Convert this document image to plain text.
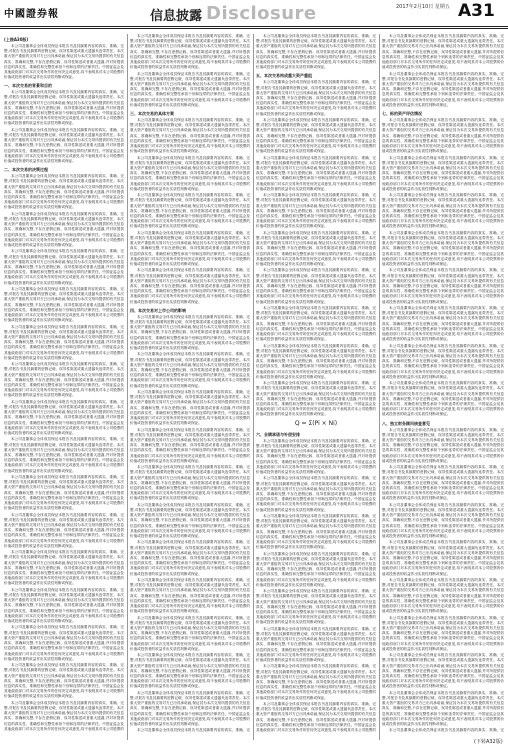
中國證券報	信息披露 Disclosure	2017年2月10日 星期五 A31
(上接A30版)

本公司及董事会全体成员保证本报告书及其摘要内容的真实、准确、完整,对报告书及其摘要的虚假记载、误导性陈述或重大遗漏负连带责任。本次重大资产重组的交易对方已出具承诺函,保证其为本次交易所提供的有关信息真实、准确和完整,不存在虚假记载、误导性陈述或者重大遗漏,并对所提供信息的真实性、准确性和完整性承担个别和连带的法律责任。中国证监会及其他政府部门对本次交易所作的任何决定或意见,均不表明其对本公司股票的价值或投资者的收益作出实质性判断或保证。

一、本次交易的背景和目的

本公司及董事会全体成员保证本报告书及其摘要内容的真实、准确、完整,对报告书及其摘要的虚假记载、误导性陈述或重大遗漏负连带责任。本次重大资产重组的交易对方已出具承诺函,保证其为本次交易所提供的有关信息真实、准确和完整,不存在虚假记载、误导性陈述或者重大遗漏,并对所提供信息的真实性、准确性和完整性承担个别和连带的法律责任。中国证监会及其他政府部门对本次交易所作的任何决定或意见,均不表明其对本公司股票的价值或投资者的收益作出实质性判断或保证。

本公司及董事会全体成员保证本报告书及其摘要内容的真实、准确、完整,对报告书及其摘要的虚假记载、误导性陈述或重大遗漏负连带责任。本次重大资产重组的交易对方已出具承诺函,保证其为本次交易所提供的有关信息真实、准确和完整,不存在虚假记载、误导性陈述或者重大遗漏,并对所提供信息的真实性、准确性和完整性承担个别和连带的法律责任。中国证监会及其他政府部门对本次交易所作的任何决定或意见,均不表明其对本公司股票的价值或投资者的收益作出实质性判断或保证。

二、本次交易的决策过程

本公司及董事会全体成员保证本报告书及其摘要内容的真实、准确、完整,对报告书及其摘要的虚假记载、误导性陈述或重大遗漏负连带责任。本次重大资产重组的交易对方已出具承诺函,保证其为本次交易所提供的有关信息真实、准确和完整,不存在虚假记载、误导性陈述或者重大遗漏,并对所提供信息的真实性、准确性和完整性承担个别和连带的法律责任。中国证监会及其他政府部门对本次交易所作的任何决定或意见,均不表明其对本公司股票的价值或投资者的收益作出实质性判断或保证。

本公司及董事会全体成员保证本报告书及其摘要内容的真实、准确、完整,对报告书及其摘要的虚假记载、误导性陈述或重大遗漏负连带责任。本次重大资产重组的交易对方已出具承诺函,保证其为本次交易所提供的有关信息真实、准确和完整,不存在虚假记载、误导性陈述或者重大遗漏,并对所提供信息的真实性、准确性和完整性承担个别和连带的法律责任。中国证监会及其他政府部门对本次交易所作的任何决定或意见,均不表明其对本公司股票的价值或投资者的收益作出实质性判断或保证。

本公司及董事会全体成员保证本报告书及其摘要内容的真实、准确、完整,对报告书及其摘要的虚假记载、误导性陈述或重大遗漏负连带责任。本次重大资产重组的交易对方已出具承诺函,保证其为本次交易所提供的有关信息真实、准确和完整,不存在虚假记载、误导性陈述或者重大遗漏,并对所提供信息的真实性、准确性和完整性承担个别和连带的法律责任。中国证监会及其他政府部门对本次交易所作的任何决定或意见,均不表明其对本公司股票的价值或投资者的收益作出实质性判断或保证。

本公司及董事会全体成员保证本报告书及其摘要内容的真实、准确、完整,对报告书及其摘要的虚假记载、误导性陈述或重大遗漏负连带责任。本次重大资产重组的交易对方已出具承诺函,保证其为本次交易所提供的有关信息真实、准确和完整,不存在虚假记载、误导性陈述或者重大遗漏,并对所提供信息的真实性、准确性和完整性承担个别和连带的法律责任。中国证监会及其他政府部门对本次交易所作的任何决定或意见,均不表明其对本公司股票的价值或投资者的收益作出实质性判断或保证。

本公司及董事会全体成员保证本报告书及其摘要内容的真实、准确、完整,对报告书及其摘要的虚假记载、误导性陈述或重大遗漏负连带责任。本次重大资产重组的交易对方已出具承诺函,保证其为本次交易所提供的有关信息真实、准确和完整,不存在虚假记载、误导性陈述或者重大遗漏,并对所提供信息的真实性、准确性和完整性承担个别和连带的法律责任。中国证监会及其他政府部门对本次交易所作的任何决定或意见,均不表明其对本公司股票的价值或投资者的收益作出实质性判断或保证。

本公司及董事会全体成员保证本报告书及其摘要内容的真实、准确、完整,对报告书及其摘要的虚假记载、误导性陈述或重大遗漏负连带责任。本次重大资产重组的交易对方已出具承诺函,保证其为本次交易所提供的有关信息真实、准确和完整,不存在虚假记载、误导性陈述或者重大遗漏,并对所提供信息的真实性、准确性和完整性承担个别和连带的法律责任。中国证监会及其他政府部门对本次交易所作的任何决定或意见,均不表明其对本公司股票的价值或投资者的收益作出实质性判断或保证。

本公司及董事会全体成员保证本报告书及其摘要内容的真实、准确、完整,对报告书及其摘要的虚假记载、误导性陈述或重大遗漏负连带责任。本次重大资产重组的交易对方已出具承诺函,保证其为本次交易所提供的有关信息真实、准确和完整,不存在虚假记载、误导性陈述或者重大遗漏,并对所提供信息的真实性、准确性和完整性承担个别和连带的法律责任。中国证监会及其他政府部门对本次交易所作的任何决定或意见,均不表明其对本公司股票的价值或投资者的收益作出实质性判断或保证。

本公司及董事会全体成员保证本报告书及其摘要内容的真实、准确、完整,对报告书及其摘要的虚假记载、误导性陈述或重大遗漏负连带责任。本次重大资产重组的交易对方已出具承诺函,保证其为本次交易所提供的有关信息真实、准确和完整,不存在虚假记载、误导性陈述或者重大遗漏,并对所提供信息的真实性、准确性和完整性承担个别和连带的法律责任。中国证监会及其他政府部门对本次交易所作的任何决定或意见,均不表明其对本公司股票的价值或投资者的收益作出实质性判断或保证。

本公司及董事会全体成员保证本报告书及其摘要内容的真实、准确、完整,对报告书及其摘要的虚假记载、误导性陈述或重大遗漏负连带责任。本次重大资产重组的交易对方已出具承诺函,保证其为本次交易所提供的有关信息真实、准确和完整,不存在虚假记载、误导性陈述或者重大遗漏,并对所提供信息的真实性、准确性和完整性承担个别和连带的法律责任。中国证监会及其他政府部门对本次交易所作的任何决定或意见,均不表明其对本公司股票的价值或投资者的收益作出实质性判断或保证。

本公司及董事会全体成员保证本报告书及其摘要内容的真实、准确、完整,对报告书及其摘要的虚假记载、误导性陈述或重大遗漏负连带责任。本次重大资产重组的交易对方已出具承诺函,保证其为本次交易所提供的有关信息真实、准确和完整,不存在虚假记载、误导性陈述或者重大遗漏,并对所提供信息的真实性、准确性和完整性承担个别和连带的法律责任。中国证监会及其他政府部门对本次交易所作的任何决定或意见,均不表明其对本公司股票的价值或投资者的收益作出实质性判断或保证。

本公司及董事会全体成员保证本报告书及其摘要内容的真实、准确、完整,对报告书及其摘要的虚假记载、误导性陈述或重大遗漏负连带责任。本次重大资产重组的交易对方已出具承诺函,保证其为本次交易所提供的有关信息真实、准确和完整,不存在虚假记载、误导性陈述或者重大遗漏,并对所提供信息的真实性、准确性和完整性承担个别和连带的法律责任。中国证监会及其他政府部门对本次交易所作的任何决定或意见,均不表明其对本公司股票的价值或投资者的收益作出实质性判断或保证。

本公司及董事会全体成员保证本报告书及其摘要内容的真实、准确、完整,对报告书及其摘要的虚假记载、误导性陈述或重大遗漏负连带责任。本次重大资产重组的交易对方已出具承诺函,保证其为本次交易所提供的有关信息真实、准确和完整,不存在虚假记载、误导性陈述或者重大遗漏,并对所提供信息的真实性、准确性和完整性承担个别和连带的法律责任。中国证监会及其他政府部门对本次交易所作的任何决定或意见,均不表明其对本公司股票的价值或投资者的收益作出实质性判断或保证。

本公司及董事会全体成员保证本报告书及其摘要内容的真实、准确、完整,对报告书及其摘要的虚假记载、误导性陈述或重大遗漏负连带责任。本次重大资产重组的交易对方已出具承诺函,保证其为本次交易所提供的有关信息真实、准确和完整,不存在虚假记载、误导性陈述或者重大遗漏,并对所提供信息的真实性、准确性和完整性承担个别和连带的法律责任。中国证监会及其他政府部门对本次交易所作的任何决定或意见,均不表明其对本公司股票的价值或投资者的收益作出实质性判断或保证。

本公司及董事会全体成员保证本报告书及其摘要内容的真实、准确、完整,对报告书及其摘要的虚假记载、误导性陈述或重大遗漏负连带责任。本次重大资产重组的交易对方已出具承诺函,保证其为本次交易所提供的有关信息真实、准确和完整,不存在虚假记载、误导性陈述或者重大遗漏,并对所提供信息的真实性、准确性和完整性承担个别和连带的法律责任。中国证监会及其他政府部门对本次交易所作的任何决定或意见,均不表明其对本公司股票的价值或投资者的收益作出实质性判断或保证。

本公司及董事会全体成员保证本报告书及其摘要内容的真实、准确、完整,对报告书及其摘要的虚假记载、误导性陈述或重大遗漏负连带责任。本次重大资产重组的交易对方已出具承诺函,保证其为本次交易所提供的有关信息真实、准确和完整,不存在虚假记载、误导性陈述或者重大遗漏,并对所提供信息的真实性、准确性和完整性承担个别和连带的法律责任。中国证监会及其他政府部门对本次交易所作的任何决定或意见,均不表明其对本公司股票的

本公司及董事会全体成员保证本报告书及其摘要内容的真实、准确、完整,对报告书及其摘要的虚假记载、误导性陈述或重大遗漏负连带责任。本次重大资产重组的交易对方已出具承诺函,保证其为本次交易所提供的有关信息真实、准确和完整,不存在虚假记载、误导性陈述或者重大遗漏,并对所提供信息的真实性、准确性和完整性承担个别和连带的法律责任。中国证监会及其他政府部门对本次交易所作的任何决定或意见,均不表明其对本公司股票的价值或投资者的收益作出实质性判断或保证。

本公司及董事会全体成员保证本报告书及其摘要内容的真实、准确、完整,对报告书及其摘要的虚假记载、误导性陈述或重大遗漏负连带责任。本次重大资产重组的交易对方已出具承诺函,保证其为本次交易所提供的有关信息真实、准确和完整,不存在虚假记载、误导性陈述或者重大遗漏,并对所提供信息的真实性、准确性和完整性承担个别和连带的法律责任。中国证监会及其他政府部门对本次交易所作的任何决定或意见,均不表明其对本公司股票的价值或投资者的收益作出实质性判断或保证。

三、本次交易的具体方案

本公司及董事会全体成员保证本报告书及其摘要内容的真实、准确、完整,对报告书及其摘要的虚假记载、误导性陈述或重大遗漏负连带责任。本次重大资产重组的交易对方已出具承诺函,保证其为本次交易所提供的有关信息真实、准确和完整,不存在虚假记载、误导性陈述或者重大遗漏,并对所提供信息的真实性、准确性和完整性承担个别和连带的法律责任。中国证监会及其他政府部门对本次交易所作的任何决定或意见,均不表明其对本公司股票的价值或投资者的收益作出实质性判断或保证。

本公司及董事会全体成员保证本报告书及其摘要内容的真实、准确、完整,对报告书及其摘要的虚假记载、误导性陈述或重大遗漏负连带责任。本次重大资产重组的交易对方已出具承诺函,保证其为本次交易所提供的有关信息真实、准确和完整,不存在虚假记载、误导性陈述或者重大遗漏,并对所提供信息的真实性、准确性和完整性承担个别和连带的法律责任。中国证监会及其他政府部门对本次交易所作的任何决定或意见,均不表明其对本公司股票的价值或投资者的收益作出实质性判断或保证。

本公司及董事会全体成员保证本报告书及其摘要内容的真实、准确、完整,对报告书及其摘要的虚假记载、误导性陈述或重大遗漏负连带责任。本次重大资产重组的交易对方已出具承诺函,保证其为本次交易所提供的有关信息真实、准确和完整,不存在虚假记载、误导性陈述或者重大遗漏,并对所提供信息的真实性、准确性和完整性承担个别和连带的法律责任。中国证监会及其他政府部门对本次交易所作的任何决定或意见,均不表明其对本公司股票的价值或投资者的收益作出实质性判断或保证。

本公司及董事会全体成员保证本报告书及其摘要内容的真实、准确、完整,对报告书及其摘要的虚假记载、误导性陈述或重大遗漏负连带责任。本次重大资产重组的交易对方已出具承诺函,保证其为本次交易所提供的有关信息真实、准确和完整,不存在虚假记载、误导性陈述或者重大遗漏,并对所提供信息的真实性、准确性和完整性承担个别和连带的法律责任。中国证监会及其他政府部门对本次交易所作的任何决定或意见,均不表明其对本公司股票的价值或投资者的收益作出实质性判断或保证。

本公司及董事会全体成员保证本报告书及其摘要内容的真实、准确、完整,对报告书及其摘要的虚假记载、误导性陈述或重大遗漏负连带责任。本次重大资产重组的交易对方已出具承诺函,保证其为本次交易所提供的有关信息真实、准确和完整,不存在虚假记载、误导性陈述或者重大遗漏,并对所提供信息的真实性、准确性和完整性承担个别和连带的法律责任。中国证监会及其他政府部门对本次交易所作的任何决定或意见,均不表明其对本公司股票的价值或投资者的收益作出实质性判断或保证。

四、本次交易对上市公司的影响

本公司及董事会全体成员保证本报告书及其摘要内容的真实、准确、完整,对报告书及其摘要的虚假记载、误导性陈述或重大遗漏负连带责任。本次重大资产重组的交易对方已出具承诺函,保证其为本次交易所提供的有关信息真实、准确和完整,不存在虚假记载、误导性陈述或者重大遗漏,并对所提供信息的真实性、准确性和完整性承担个别和连带的法律责任。中国证监会及其他政府部门对本次交易所作的任何决定或意见,均不表明其对本公司股票的价值或投资者的收益作出实质性判断或保证。

本公司及董事会全体成员保证本报告书及其摘要内容的真实、准确、完整,对报告书及其摘要的虚假记载、误导性陈述或重大遗漏负连带责任。本次重大资产重组的交易对方已出具承诺函,保证其为本次交易所提供的有关信息真实、准确和完整,不存在虚假记载、误导性陈述或者重大遗漏,并对所提供信息的真实性、准确性和完整性承担个别和连带的法律责任。中国证监会及其他政府部门对本次交易所作的任何决定或意见,均不表明其对本公司股票的价值或投资者的收益作出实质性判断或保证。

本公司及董事会全体成员保证本报告书及其摘要内容的真实、准确、完整,对报告书及其摘要的虚假记载、误导性陈述或重大遗漏负连带责任。本次重大资产重组的交易对方已出具承诺函,保证其为本次交易所提供的有关信息真实、准确和完整,不存在虚假记载、误导性陈述或者重大遗漏,并对所提供信息的真实性、准确性和完整性承担个别和连带的法律责任。中国证监会及其他政府部门对本次交易所作的任何决定或意见,均不表明其对本公司股票的价值或投资者的收益作出实质性判断或保证。

本公司及董事会全体成员保证本报告书及其摘要内容的真实、准确、完整,对报告书及其摘要的虚假记载、误导性陈述或重大遗漏负连带责任。本次重大资产重组的交易对方已出具承诺函,保证其为本次交易所提供的有关信息真实、准确和完整,不存在虚假记载、误导性陈述或者重大遗漏,并对所提供信息的真实性、准确性和完整性承担个别和连带的法律责任。中国证监会及其他政府部门对本次交易所作的任何决定或意见,均不表明其对本公司股票的价值或投资者的收益作出实质性判断或保证。

本公司及董事会全体成员保证本报告书及其摘要内容的真实、准确、完整,对报告书及其摘要的虚假记载、误导性陈述或重大遗漏负连带责任。本次重大资产重组的交易对方已出具承诺函,保证其为本次交易所提供的有关信息真实、准确和完整,不存在虚假记载、误导性陈述或者重大遗漏,并对所提供信息的真实性、准确性和完整性承担个别和连带的法律责任。中国证监会及其他政府部门对本次交易所作的任何决定或意见,均不表明其对本公司股票的价值或投资者的收益作出实质性判断或保证。

本公司及董事会全体成员保证本报告书及其摘要内容的真实、准确、完整,对报告书及其摘要的虚假记载、误导性陈述或重大遗漏负连带责任。本次重大资产重组的交易对方已出具承诺函,保证其为本次交易所提供的有关信息真实、准确和完整,不存在虚假记载、误导性陈述或者重大遗漏,并对所提供信息的真实性、准确性和完整性承担个别和连带的法律责任。中国证监会及其他政府部门对本次交易所作的任何决定或意见,均不表明其对本公司股票的价值或投资者的收益作出实质性判断或保证。

本公司及董事会全体成员保证本报告书及其摘要内容的真实、准确、完整,对报告书及其摘要的虚假记载、误导性陈述或重大遗漏负连带责任。本次重大资产重组的交易对方已出具承诺函,保证其为本次交易所提供的有关信息真实、准确和完整,不存在虚假记载、误导性陈述或者重大遗漏,并对所提供信息的真实性、准确性和完整性承担个别和连带的法律责任。中国证监会及其他政府部门对本次交易所作的任何决定或意见,均不表明其对本公司股票的价值或投资者的收益作出实质性判断或保证。

本公司及董事会全体成员保证本报告书及其摘要内容的真实、准确、完整,对报告书及其摘要的虚假记载、误导性陈述或重大遗漏负连带责任。本次重大资产重组的交易对方已出具承诺函,保证其为本次交易所提供的有关信息真实、准确和完整,不存在虚假记载、误导性陈述或者重大遗漏,并对所提供信息的真实性、准确性和完整性承担个别和连带的法律责任。中国证监会及其他政府部门对本次交易所作的任何决定或意见,均不表明其对本公司股票的价值或投资者的收益作出实质性判断或保证。

本公司及董事会全体成员保证本报告书及其摘要内容的真实、准确、完整,对报告书及其摘要的虚假记载、误导性陈述或重大遗漏负连带责任。本次重大资产重组的交易对方已出具承诺函,保证其为本次交易所提供的有关信息真实、准确和完整,不存在虚假记载、误导性陈述或者重大遗漏,并对所提供信息的真实性、准确性和完整性承担个别和连带的法律责任。中国证监会及其他政府部门对本次交易所作的任何决定或意见,均不表明其对本公司股票的价值或投资者的收益作出实质性判断或保证。

本公司及董事会全体成员保证本报告书及其摘要内容的真实、准确、完整,对报告书及其摘要的虚假记载、误导性陈述或重大遗漏负连带责任。本次重大资产重组的交易对方已出具承诺函,保证其为本次交易所提供的有关信息真实、准确和完整,不存在虚假记载、误导性陈述或者重大遗漏,并对所提供信息的真实性、准确性和完整性承担个别和连带的法律责任。中国证监会及其他政府部门对本次交易所作的任何决定或意见,均不表明其对本公司股票的价值或投资者的收益作出实质性判断或保证。

本公司及董事会全体成员保证本报告书及其摘要内容的真实、准确、完整,对报告书及其摘要的虚假记载、误导性陈述或重大遗漏负连带责任。本次重大资产重组的交易对方已出具承诺函,保证其为本次交易所提供的有关信息真实、准确和完整,不存在虚假记载、误导性陈述或者重大遗漏,并对所提供信息的真实性、准确性和完整性承担个别和连带的法律责任。中国证监会及其他政府部门对本次交易所作的任何决定或意见,均不表明其对本公司股票的价值或投资者的收益作出实质性判断或保证。

本公司及董事会全体成员保证本报告书及其摘要内容的真实、准确、完

本公司及董事会全体成员保证本报告书及其摘要内容的真实、准确、完整,对报告书及其摘要的虚假记载、误导性陈述或重大遗漏负连带责任。本次重大资产重组的交易对方已出具承诺函,保证其为本次交易所提供的有关信息真实、准确和完整,不存在虚假记载、误导性陈述或者重大遗漏,并对所提供信息的真实性、准确性和完整性承担个别和连带的法律责任。中国证监会及其他政府部门对本次交易所作的任何决定或意见,均不表明其对本公司股票的价值或投资者的收益作出实质性判断或保证。

五、本次交易构成重大资产重组

本公司及董事会全体成员保证本报告书及其摘要内容的真实、准确、完整,对报告书及其摘要的虚假记载、误导性陈述或重大遗漏负连带责任。本次重大资产重组的交易对方已出具承诺函,保证其为本次交易所提供的有关信息真实、准确和完整,不存在虚假记载、误导性陈述或者重大遗漏,并对所提供信息的真实性、准确性和完整性承担个别和连带的法律责任。中国证监会及其他政府部门对本次交易所作的任何决定或意见,均不表明其对本公司股票的价值或投资者的收益作出实质性判断或保证。

本公司及董事会全体成员保证本报告书及其摘要内容的真实、准确、完整,对报告书及其摘要的虚假记载、误导性陈述或重大遗漏负连带责任。本次重大资产重组的交易对方已出具承诺函,保证其为本次交易所提供的有关信息真实、准确和完整,不存在虚假记载、误导性陈述或者重大遗漏,并对所提供信息的真实性、准确性和完整性承担个别和连带的法律责任。中国证监会及其他政府部门对本次交易所作的任何决定或意见,均不表明其对本公司股票的价值或投资者的收益作出实质性判断或保证。

本公司及董事会全体成员保证本报告书及其摘要内容的真实、准确、完整,对报告书及其摘要的虚假记载、误导性陈述或重大遗漏负连带责任。本次重大资产重组的交易对方已出具承诺函,保证其为本次交易所提供的有关信息真实、准确和完整,不存在虚假记载、误导性陈述或者重大遗漏,并对所提供信息的真实性、准确性和完整性承担个别和连带的法律责任。中国证监会及其他政府部门对本次交易所作的任何决定或意见,均不表明其对本公司股票的价值或投资者的收益作出实质性判断或保证。

本公司及董事会全体成员保证本报告书及其摘要内容的真实、准确、完整,对报告书及其摘要的虚假记载、误导性陈述或重大遗漏负连带责任。本次重大资产重组的交易对方已出具承诺函,保证其为本次交易所提供的有关信息真实、准确和完整,不存在虚假记载、误导性陈述或者重大遗漏,并对所提供信息的真实性、准确性和完整性承担个别和连带的法律责任。中国证监会及其他政府部门对本次交易所作的任何决定或意见,均不表明其对本公司股票的价值或投资者的收益作出实质性判断或保证。

本公司及董事会全体成员保证本报告书及其摘要内容的真实、准确、完整,对报告书及其摘要的虚假记载、误导性陈述或重大遗漏负连带责任。本次重大资产重组的交易对方已出具承诺函,保证其为本次交易所提供的有关信息真实、准确和完整,不存在虚假记载、误导性陈述或者重大遗漏,并对所提供信息的真实性、准确性和完整性承担个别和连带的法律责任。中国证监会及其他政府部门对本次交易所作的任何决定或意见,均不表明其对本公司股票的价值或投资者的收益作出实质性判断或保证。

本公司及董事会全体成员保证本报告书及其摘要内容的真实、准确、完整,对报告书及其摘要的虚假记载、误导性陈述或重大遗漏负连带责任。本次重大资产重组的交易对方已出具承诺函,保证其为本次交易所提供的有关信息真实、准确和完整,不存在虚假记载、误导性陈述或者重大遗漏,并对所提供信息的真实性、准确性和完整性承担个别和连带的法律责任。中国证监会及其他政府部门对本次交易所作的任何决定或意见,均不表明其对本公司股票的价值或投资者的收益作出实质性判断或保证。

本公司及董事会全体成员保证本报告书及其摘要内容的真实、准确、完整,对报告书及其摘要的虚假记载、误导性陈述或重大遗漏负连带责任。本次重大资产重组的交易对方已出具承诺函,保证其为本次交易所提供的有关信息真实、准确和完整,不存在虚假记载、误导性陈述或者重大遗漏,并对所提供信息的真实性、准确性和完整性承担个别和连带的法律责任。中国证监会及其他政府部门对本次交易所作的任何决定或意见,均不表明其对本公司股票的价值或投资者的收益作出实质性判断或保证。

本公司及董事会全体成员保证本报告书及其摘要内容的真实、准确、完整,对报告书及其摘要的虚假记载、误导性陈述或重大遗漏负连带责任。本次重大资产重组的交易对方已出具承诺函,保证其为本次交易所提供的有关信息真实、准确和完整,不存在虚假记载、误导性陈述或者重大遗漏,并对所提供信息的真实性、准确性和完整性承担个别和连带的法律责任。中国证监会及其他政府部门对本次交易所作的任何决定或意见,均不表明其对本公司股票的价值或投资者的收益作出实质性判断或保证。

本公司及董事会全体成员保证本报告书及其摘要内容的真实、准确、完整,对报告书及其摘要的虚假记载、误导性陈述或重大遗漏负连带责任。本次重大资产重组的交易对方已出具承诺函,保证其为本次交易所提供的有关信息真实、准确和完整,不存在虚假记载、误导性陈述或者重大遗漏,并对所提供信息的真实性、准确性和完整性承担个别和连带的法律责任。中国证监会及其他政府部门对本次交易所作的任何决定或意见,均不表明其对本公司股票的价值或投资者的收益作出实质性判断或保证。

Q = Σ(Pi × Ni)

六、业绩承诺与补偿安排

本公司及董事会全体成员保证本报告书及其摘要内容的真实、准确、完整,对报告书及其摘要的虚假记载、误导性陈述或重大遗漏负连带责任。本次重大资产重组的交易对方已出具承诺函,保证其为本次交易所提供的有关信息真实、准确和完整,不存在虚假记载、误导性陈述或者重大遗漏,并对所提供信息的真实性、准确性和完整性承担个别和连带的法律责任。中国证监会及其他政府部门对本次交易所作的任何决定或意见,均不表明其对本公司股票的价值或投资者的收益作出实质性判断或保证。

本公司及董事会全体成员保证本报告书及其摘要内容的真实、准确、完整,对报告书及其摘要的虚假记载、误导性陈述或重大遗漏负连带责任。本次重大资产重组的交易对方已出具承诺函,保证其为本次交易所提供的有关信息真实、准确和完整,不存在虚假记载、误导性陈述或者重大遗漏,并对所提供信息的真实性、准确性和完整性承担个别和连带的法律责任。中国证监会及其他政府部门对本次交易所作的任何决定或意见,均不表明其对本公司股票的价值或投资者的收益作出实质性判断或保证。

本公司及董事会全体成员保证本报告书及其摘要内容的真实、准确、完整,对报告书及其摘要的虚假记载、误导性陈述或重大遗漏负连带责任。本次重大资产重组的交易对方已出具承诺函,保证其为本次交易所提供的有关信息真实、准确和完整,不存在虚假记载、误导性陈述或者重大遗漏,并对所提供信息的真实性、准确性和完整性承担个别和连带的法律责任。中国证监会及其他政府部门对本次交易所作的任何决定或意见,均不表明其对本公司股票的价值或投资者的收益作出实质性判断或保证。

本公司及董事会全体成员保证本报告书及其摘要内容的真实、准确、完整,对报告书及其摘要的虚假记载、误导性陈述或重大遗漏负连带责任。本次重大资产重组的交易对方已出具承诺函,保证其为本次交易所提供的有关信息真实、准确和完整,不存在虚假记载、误导性陈述或者重大遗漏,并对所提供信息的真实性、准确性和完整性承担个别和连带的法律责任。中国证监会及其他政府部门对本次交易所作的任何决定或意见,均不表明其对本公司股票的价值或投资者的收益作出实质性判断或保证。

本公司及董事会全体成员保证本报告书及其摘要内容的真实、准确、完整,对报告书及其摘要的虚假记载、误导性陈述或重大遗漏负连带责任。本次重大资产重组的交易对方已出具承诺函,保证其为本次交易所提供的有关信息真实、准确和完整,不存在虚假记载、误导性陈述或者重大遗漏,并对所提供信息的真实性、准确性和完整性承担个别和连带的法律责任。中国证监会及其他政府部门对本次交易所作的任何决定或意见,均不表明其对本公司股票的价值或投资者的收益作出实质性判断或保证。

本公司及董事会全体成员保证本报告书及其摘要内容的真实、准确、完整,对报告书及其摘要的虚假记载、误导性陈述或重大遗漏负连带责任。本次重大资产重组的交易对方已出具承诺函,保证其为本次交易所提供的有关信息真实、准确和完整,不存在虚假记载、误导性陈述或者重大遗漏,并对所提供信息的真实性、准确性和完整性承担个别和连带的法律责任。中国证监会及其他政府部门对本次交易所作的任何决定或意见,均不表明其对本公司股票的价值或投资者的收益作出实质性判断或保证。

本公司及董事会全体成员保证本报告书及其摘要内容的真实、准确、完整,对报告书及其摘要的虚假记载、误导性陈述或重大遗漏负连带责任。本次重大资产重组的交易对方已出具承诺函,保证其为本次交易所提供的有关信息真实、准确和完整,不存在虚假记载、误导性陈述或者重大遗漏,并对所提供信息的真实性、准确性和完整性承担个别和连带的法律责任。中国证监会及其他政府部门对本次交易所作的任何决定或意见,均不表明其对本公司股票的价值或投资者的收益作出实质性判断或保证。

本公司及董事会全体成员保证本报告书及其摘要内容的真实、准确、完整,对报告书及其摘要的虚假记载、误导性陈述或重大遗漏负连带责任。本次重大资产重组的交易对方已出具承诺函,保证其为本次交易所提供的有关信息真实、准确和完整,不存在虚假记载、误导性陈述或者重大遗漏,并对所提供信息的真实性、准确性和完整性承担个别和连带的法律责任。中国证监会及其他政府部门对本次交易所作的任何决定或意见,均不表明其对本公司股票的

本公司及董事会全体成员保证本报告书及其摘要内容的真实、准确、完整,对报告书及其摘要的虚假记载、误导性陈述或重大遗漏负连带责任。本次重大资产重组的交易对方已出具承诺函,保证其为本次交易所提供的有关信息真实、准确和完整,不存在虚假记载、误导性陈述或者重大遗漏,并对所提供信息的真实性、准确性和完整性承担个别和连带的法律责任。中国证监会及其他政府部门对本次交易所作的任何决定或意见,均不表明其对本公司股票的价值或投资者的收益作出实质性判断或保证。

本公司及董事会全体成员保证本报告书及其摘要内容的真实、准确、完整,对报告书及其摘要的虚假记载、误导性陈述或重大遗漏负连带责任。本次重大资产重组的交易对方已出具承诺函,保证其为本次交易所提供的有关信息真实、准确和完整,不存在虚假记载、误导性陈述或者重大遗漏,并对所提供信息的真实性、准确性和完整性承担个别和连带的法律责任。中国证监会及其他政府部门对本次交易所作的任何决定或意见,均不表明其对本公司股票的价值或投资者的收益作出实质性判断或保证。

七、标的资产评估情况

本公司及董事会全体成员保证本报告书及其摘要内容的真实、准确、完整,对报告书及其摘要的虚假记载、误导性陈述或重大遗漏负连带责任。本次重大资产重组的交易对方已出具承诺函,保证其为本次交易所提供的有关信息真实、准确和完整,不存在虚假记载、误导性陈述或者重大遗漏,并对所提供信息的真实性、准确性和完整性承担个别和连带的法律责任。中国证监会及其他政府部门对本次交易所作的任何决定或意见,均不表明其对本公司股票的价值或投资者的收益作出实质性判断或保证。

本公司及董事会全体成员保证本报告书及其摘要内容的真实、准确、完整,对报告书及其摘要的虚假记载、误导性陈述或重大遗漏负连带责任。本次重大资产重组的交易对方已出具承诺函,保证其为本次交易所提供的有关信息真实、准确和完整,不存在虚假记载、误导性陈述或者重大遗漏,并对所提供信息的真实性、准确性和完整性承担个别和连带的法律责任。中国证监会及其他政府部门对本次交易所作的任何决定或意见,均不表明其对本公司股票的价值或投资者的收益作出实质性判断或保证。

本公司及董事会全体成员保证本报告书及其摘要内容的真实、准确、完整,对报告书及其摘要的虚假记载、误导性陈述或重大遗漏负连带责任。本次重大资产重组的交易对方已出具承诺函,保证其为本次交易所提供的有关信息真实、准确和完整,不存在虚假记载、误导性陈述或者重大遗漏,并对所提供信息的真实性、准确性和完整性承担个别和连带的法律责任。中国证监会及其他政府部门对本次交易所作的任何决定或意见,均不表明其对本公司股票的价值或投资者的收益作出实质性判断或保证。

本公司及董事会全体成员保证本报告书及其摘要内容的真实、准确、完整,对报告书及其摘要的虚假记载、误导性陈述或重大遗漏负连带责任。本次重大资产重组的交易对方已出具承诺函,保证其为本次交易所提供的有关信息真实、准确和完整,不存在虚假记载、误导性陈述或者重大遗漏,并对所提供信息的真实性、准确性和完整性承担个别和连带的法律责任。中国证监会及其他政府部门对本次交易所作的任何决定或意见,均不表明其对本公司股票的价值或投资者的收益作出实质性判断或保证。

本公司及董事会全体成员保证本报告书及其摘要内容的真实、准确、完整,对报告书及其摘要的虚假记载、误导性陈述或重大遗漏负连带责任。本次重大资产重组的交易对方已出具承诺函,保证其为本次交易所提供的有关信息真实、准确和完整,不存在虚假记载、误导性陈述或者重大遗漏,并对所提供信息的真实性、准确性和完整性承担个别和连带的法律责任。中国证监会及其他政府部门对本次交易所作的任何决定或意见,均不表明其对本公司股票的价值或投资者的收益作出实质性判断或保证。

本公司及董事会全体成员保证本报告书及其摘要内容的真实、准确、完整,对报告书及其摘要的虚假记载、误导性陈述或重大遗漏负连带责任。本次重大资产重组的交易对方已出具承诺函,保证其为本次交易所提供的有关信息真实、准确和完整,不存在虚假记载、误导性陈述或者重大遗漏,并对所提供信息的真实性、准确性和完整性承担个别和连带的法律责任。中国证监会及其他政府部门对本次交易所作的任何决定或意见,均不表明其对本公司股票的价值或投资者的收益作出实质性判断或保证。

本公司及董事会全体成员保证本报告书及其摘要内容的真实、准确、完整,对报告书及其摘要的虚假记载、误导性陈述或重大遗漏负连带责任。本次重大资产重组的交易对方已出具承诺函,保证其为本次交易所提供的有关信息真实、准确和完整,不存在虚假记载、误导性陈述或者重大遗漏,并对所提供信息的真实性、准确性和完整性承担个别和连带的法律责任。中国证监会及其他政府部门对本次交易所作的任何决定或意见,均不表明其对本公司股票的价值或投资者的收益作出实质性判断或保证。

本公司及董事会全体成员保证本报告书及其摘要内容的真实、准确、完整,对报告书及其摘要的虚假记载、误导性陈述或重大遗漏负连带责任。本次重大资产重组的交易对方已出具承诺函,保证其为本次交易所提供的有关信息真实、准确和完整,不存在虚假记载、误导性陈述或者重大遗漏,并对所提供信息的真实性、准确性和完整性承担个别和连带的法律责任。中国证监会及其他政府部门对本次交易所作的任何决定或意见,均不表明其对本公司股票的价值或投资者的收益作出实质性判断或保证。

八、独立财务顾问核查意见

本公司及董事会全体成员保证本报告书及其摘要内容的真实、准确、完整,对报告书及其摘要的虚假记载、误导性陈述或重大遗漏负连带责任。本次重大资产重组的交易对方已出具承诺函,保证其为本次交易所提供的有关信息真实、准确和完整,不存在虚假记载、误导性陈述或者重大遗漏,并对所提供信息的真实性、准确性和完整性承担个别和连带的法律责任。中国证监会及其他政府部门对本次交易所作的任何决定或意见,均不表明其对本公司股票的价值或投资者的收益作出实质性判断或保证。

本公司及董事会全体成员保证本报告书及其摘要内容的真实、准确、完整,对报告书及其摘要的虚假记载、误导性陈述或重大遗漏负连带责任。本次重大资产重组的交易对方已出具承诺函,保证其为本次交易所提供的有关信息真实、准确和完整,不存在虚假记载、误导性陈述或者重大遗漏,并对所提供信息的真实性、准确性和完整性承担个别和连带的法律责任。中国证监会及其他政府部门对本次交易所作的任何决定或意见,均不表明其对本公司股票的价值或投资者的收益作出实质性判断或保证。

本公司及董事会全体成员保证本报告书及其摘要内容的真实、准确、完整,对报告书及其摘要的虚假记载、误导性陈述或重大遗漏负连带责任。本次重大资产重组的交易对方已出具承诺函,保证其为本次交易所提供的有关信息真实、准确和完整,不存在虚假记载、误导性陈述或者重大遗漏,并对所提供信息的真实性、准确性和完整性承担个别和连带的法律责任。中国证监会及其他政府部门对本次交易所作的任何决定或意见,均不表明其对本公司股票的价值或投资者的收益作出实质性判断或保证。

本公司及董事会全体成员保证本报告书及其摘要内容的真实、准确、完整,对报告书及其摘要的虚假记载、误导性陈述或重大遗漏负连带责任。本次重大资产重组的交易对方已出具承诺函,保证其为本次交易所提供的有关信息真实、准确和完整,不存在虚假记载、误导性陈述或者重大遗漏,并对所提供信息的真实性、准确性和完整性承担个别和连带的法律责任。中国证监会及其他政府部门对本次交易所作的任何决定或意见,均不表明其对本公司股票的价值或投资者的收益作出实质性判断或保证。

本公司及董事会全体成员保证本报告书及其摘要内容的真实、准确、完整,对报告书及其摘要的虚假记载、误导性陈述或重大遗漏负连带责任。本次重大资产重组的交易对方已出具承诺函,保证其为本次交易所提供的有关信息真实、准确和完整,不存在虚假记载、误导性陈述或者重大遗漏,并对所提供信息的真实性、准确性和完整性承担个别和连带的法律责任。中国证监会及其他政府部门对本次交易所作的任何决定或意见,均不表明其对本公司股票的价值或投资者的收益作出实质性判断或保证。

本公司及董事会全体成员保证本报告书及其摘要内容的真实、准确、完整,对报告书及其摘要的虚假记载、误导性陈述或重大遗漏负连带责任。本次重大资产重组的交易对方已出具承诺函,保证其为本次交易所提供的有关信息真实、准确和完整,不存在虚假记载、误导性陈述或者重大遗漏,并对所提供信息的真实性、准确性和完整性承担个别和连带的法律责任。中国证监会及其他政府部门对本次交易所作的任何决定或意见,均不表明其对本公司股票的价值或投资者的收益作出实质性判断或保证。

本公司及董事会全体成员保证本报告书及其摘要内容的真实、准确、完整,对报告书及其摘要的虚假记载、误导性陈述或重大遗漏负连带责任。本次重大资产重组的交易对方已出具承诺函,保证其为本次交易所提供的有关信息真实、准确和完整,不存在虚假记载、误导性陈述或者重大遗漏,并对所提供信息的真实性、准确性和完整性承担个别和连带的法律责任。中国证监会及其他政府部门对本次交易所作的任何决定或意见,均不表明其对本公司股票的价值或投资者的收益作出实质性判断或保证。

本公司及董事会全体成员保证本报告书及其摘要内容的真实、准确、完整,对报告书及其摘要的虚假记载、误导性陈述或重大遗漏负连带责任。本次重大资产重组的交易对方已出具承诺函,保证其为本次交易所提供的有关信息真实、准确和完整,不存在虚假记载、误导性陈述或者重大遗漏,并对所提供信息的真实性、准确性和完整性承担个别和连带的法律责任。中国证监会及其他政府部门对本次交易所作的任何决定或意见,均不表明其对本公司股票的价值或投资者的收益作出实质性判断或保证。

本公司及董事会全体成员保证本报告书及其摘要内容的真实、准确、完

(下转A32版)
